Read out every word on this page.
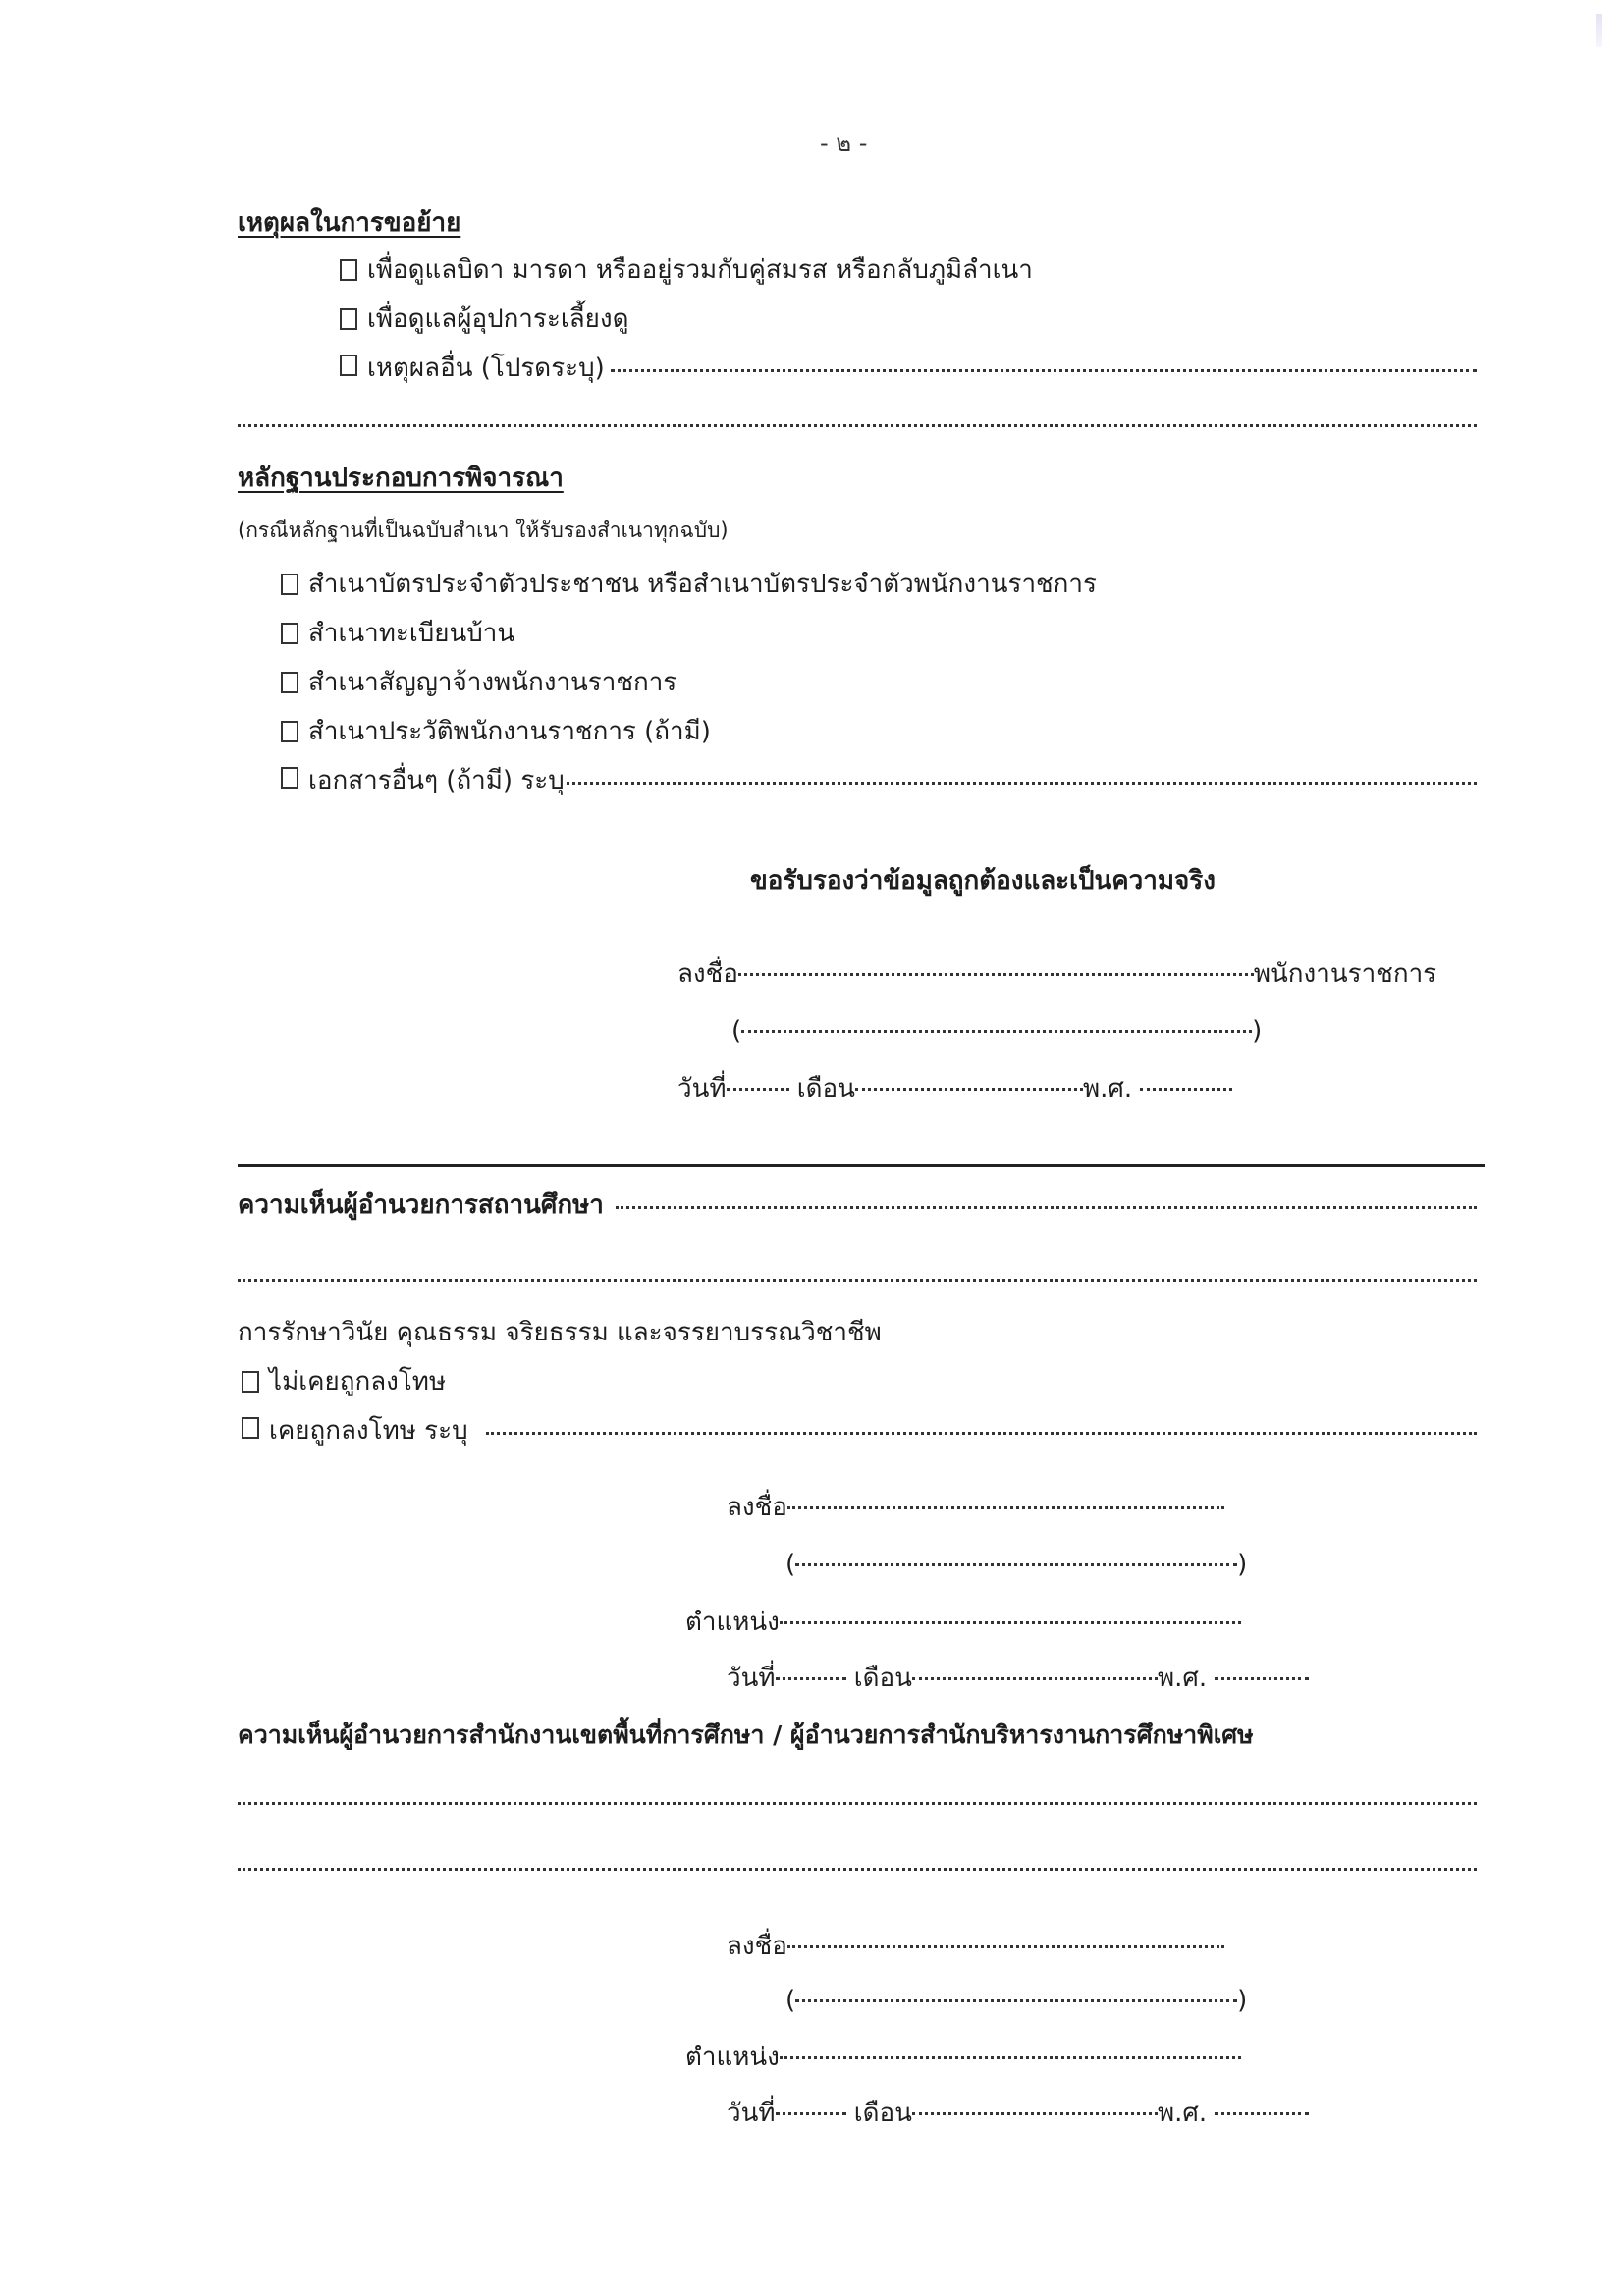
- ๒ -
เหตุผลในการขอย้าย
เพื่อดูแลบิดา มารดา หรืออยู่รวมกับคู่สมรส หรือกลับภูมิลำเนา
เพื่อดูแลผู้อุปการะเลี้ยงดู
เหตุผลอื่น (โปรดระบุ)
หลักฐานประกอบการพิจารณา
(กรณีหลักฐานที่เป็นฉบับสำเนา ให้รับรองสำเนาทุกฉบับ)
สำเนาบัตรประจำตัวประชาชน หรือสำเนาบัตรประจำตัวพนักงานราชการ
สำเนาทะเบียนบ้าน
สำเนาสัญญาจ้างพนักงานราชการ
สำเนาประวัติพนักงานราชการ (ถ้ามี)
เอกสารอื่นๆ (ถ้ามี) ระบุ
ขอรับรองว่าข้อมูลถูกต้องและเป็นความจริง
ลงชื่อ	พนักงานราชการ
(	)
วันที่	เดือน	พ.ศ.
ความเห็นผู้อำนวยการสถานศึกษา
การรักษาวินัย คุณธรรม จริยธรรม และจรรยาบรรณวิชาชีพ
ไม่เคยถูกลงโทษ
เคยถูกลงโทษ ระบุ
ลงชื่อ
(	)
ตำแหน่ง
วันที่	เดือน	พ.ศ.
ความเห็นผู้อำนวยการสำนักงานเขตพื้นที่การศึกษา / ผู้อำนวยการสำนักบริหารงานการศึกษาพิเศษ
ลงชื่อ
(	)
ตำแหน่ง
วันที่	เดือน	พ.ศ.
